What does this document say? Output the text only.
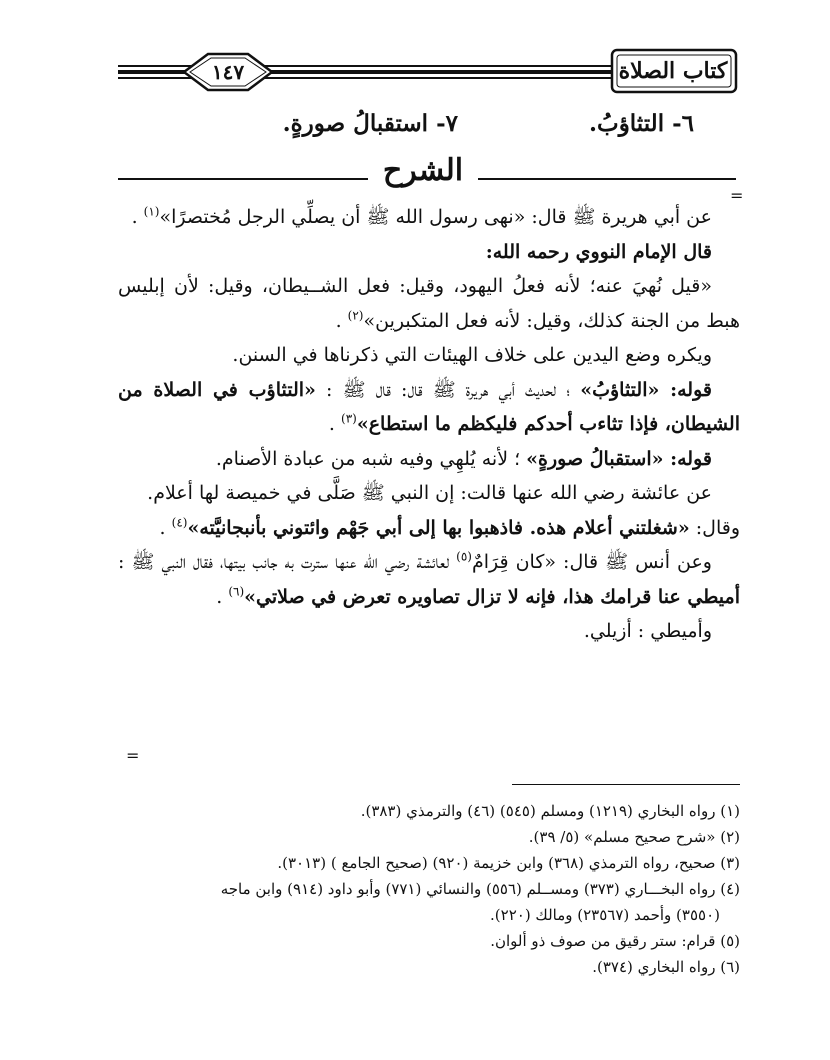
كتاب الصلاة
١٤٧
٦- التثاؤبُ.
٧- استقبالُ صورةٍ.
الشرح
=
=

عن أبي هريرة ﷺ قال: «نهى رسول الله ﷺ أن يصلِّي الرجل مُختصرًا»$^{(١)}$ .

قال الإمام النووي رحمه الله:

«قيل نُهيَ عنه؛ لأنه فعلُ اليهود، وقيل: فعل الشــيطان، وقيل: لأن إبليس هبط من الجنة كذلك، وقيل: لأنه فعل المتكبرين»$^{(٢)}$ .

ويكره وضع اليدين على خلاف الهيئات التي ذكرناها في السنن.

قوله: «التثاؤبُ» ؛ لحديث أبي هريرة ﷺ قال: قال ﷺ : «التثاؤب في الصلاة من الشيطان، فإذا تثاءب أحدكم فليكظم ما استطاع»$^{(٣)}$ .

قوله: «استقبالُ صورةٍ» ؛ لأنه يُلهِي وفيه شبه من عبادة الأصنام.

عن عائشة رضي الله عنها قالت: إن النبي ﷺ صَلَّى في خميصة لها أعلام.

وقال: «شغلتني أعلام هذه. فاذهبوا بها إلى أبي جَهْم وائتوني بأنبجانيَّته»$^{(٤)}$ .

وعن أنس ﷺ قال: «كان قِرَامٌ$^{(٥)}$ لعائشة رضي الله عنها سترت به جانب بيتها، فقال النبي ﷺ : أميطي عنا قرامك هذا، فإنه لا تزال تصاويره تعرض في صلاتي»$^{(٦)}$ .

وأميطي : أزيلي.

(١) رواه البخاري (١٢١٩) ومسلم (٥٤٥) (٤٦) والترمذي (٣٨٣).
(٢) «شرح صحيح مسلم» (٥/ ٣٩).
(٣) صحيح، رواه الترمذي (٣٦٨) وابن خزيمة (٩٢٠) (صحيح الجامع ) (٣٠١٣).
(٤) رواه البخـــاري (٣٧٣) ومســلم (٥٥٦) والنسائي (٧٧١) وأبو داود (٩١٤) وابن ماجه
(٣٥٥٠) وأحمد (٢٣٥٦٧) ومالك (٢٢٠).
(٥) قرام: ستر رقيق من صوف ذو ألوان.
(٦) رواه البخاري (٣٧٤).
